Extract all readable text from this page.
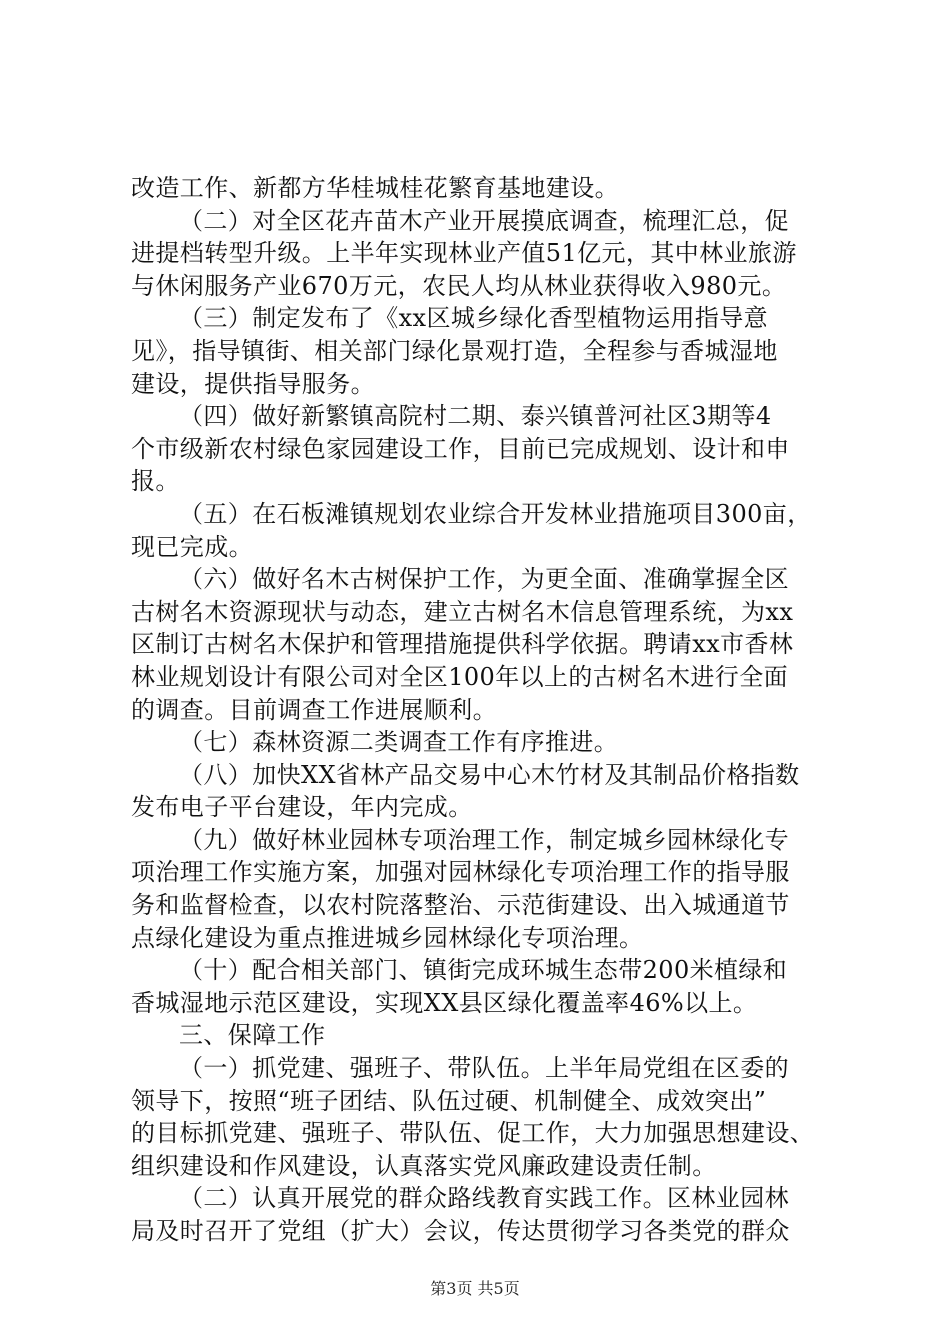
改造工作、新都方华桂城桂花繁育基地建设。
（二）对全区花卉苗木产业开展摸底调查，梳理汇总，促
进提档转型升级。上半年实现林业产值51亿元，其中林业旅游
与休闲服务产业670万元，农民人均从林业获得收入980元。
（三）制定发布了《xx区城乡绿化香型植物运用指导意
见》，指导镇街、相关部门绿化景观打造，全程参与香城湿地
建设，提供指导服务。
（四）做好新繁镇高院村二期、泰兴镇普河社区3期等4
个市级新农村绿色家园建设工作，目前已完成规划、设计和申
报。
（五）在石板滩镇规划农业综合开发林业措施项目300亩，
现已完成。
（六）做好名木古树保护工作，为更全面、准确掌握全区
古树名木资源现状与动态，建立古树名木信息管理系统，为xx
区制订古树名木保护和管理措施提供科学依据。聘请xx市香林
林业规划设计有限公司对全区100年以上的古树名木进行全面
的调查。目前调查工作进展顺利。
（七）森林资源二类调查工作有序推进。
（八）加快XX省林产品交易中心木竹材及其制品价格指数
发布电子平台建设，年内完成。
（九）做好林业园林专项治理工作，制定城乡园林绿化专
项治理工作实施方案，加强对园林绿化专项治理工作的指导服
务和监督检查，以农村院落整治、示范街建设、出入城通道节
点绿化建设为重点推进城乡园林绿化专项治理。
（十）配合相关部门、镇街完成环城生态带200米植绿和
香城湿地示范区建设，实现XX县区绿化覆盖率46%以上。
三、保障工作
（一）抓党建、强班子、带队伍。上半年局党组在区委的
领导下，按照“班子团结、队伍过硬、机制健全、成效突出”
的目标抓党建、强班子、带队伍、促工作，大力加强思想建设、
组织建设和作风建设，认真落实党风廉政建设责任制。
（二）认真开展党的群众路线教育实践工作。区林业园林
局及时召开了党组（扩大）会议，传达贯彻学习各类党的群众
第3页 共5页
